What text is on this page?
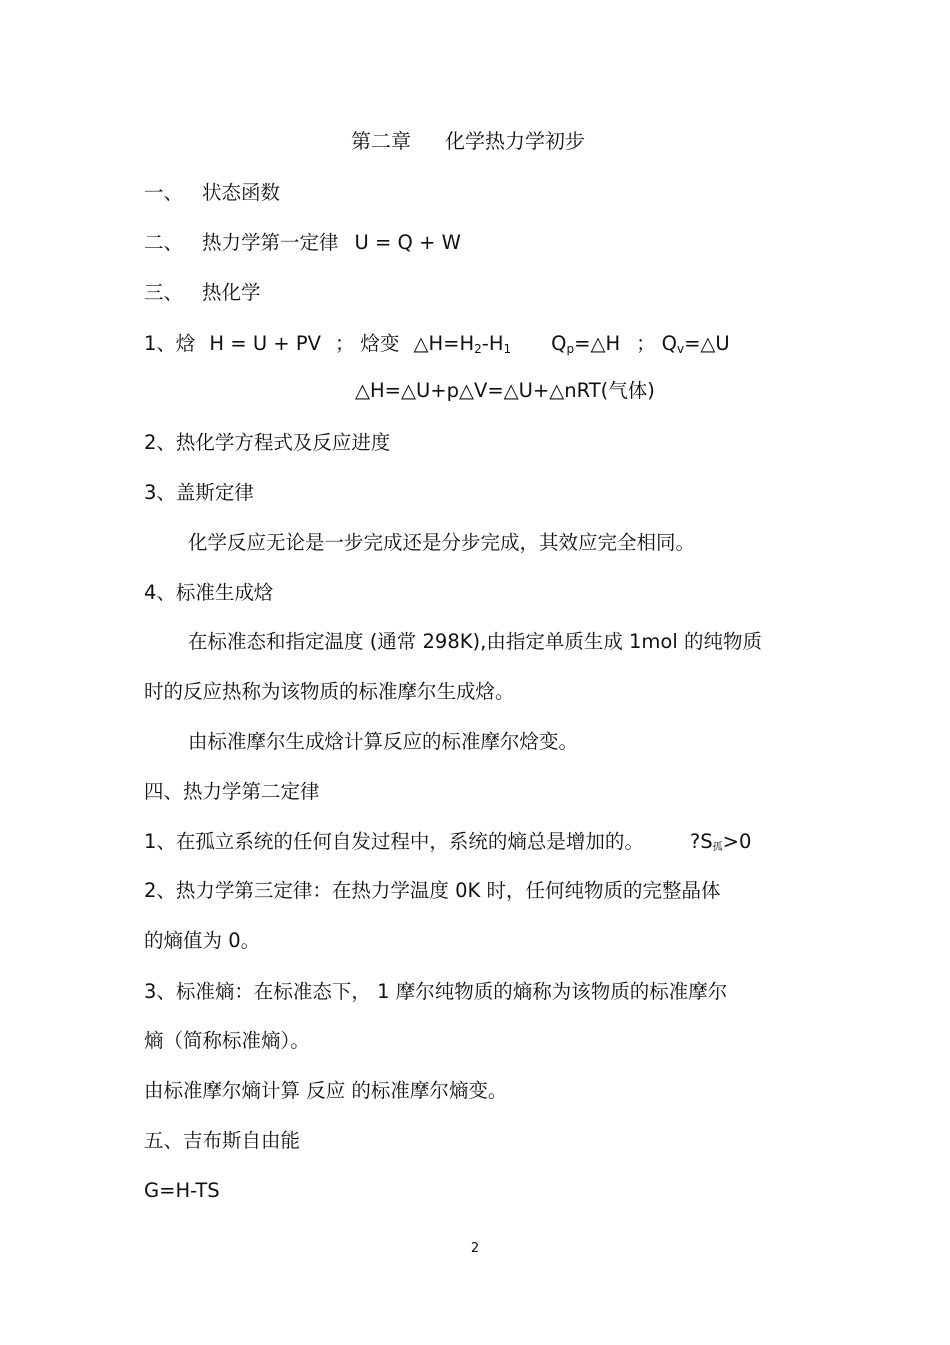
第二章 化学热力学初步
一、 状态函数
二、 热力学第一定律 U = Q + W
三、 热化学
1、焓 H = U + PV ； 焓变 $\triangle H=H_2-H_1$ $Q_p=\triangle H$ ； $Q_v=\triangle U$
△H=△U+p△V=△U+△nRT(气体)
2、热化学方程式及反应进度
3、盖斯定律
化学反应无论是一步完成还是分步完成，其效应完全相同。
4、标准生成焓
在标准态和指定温度 (通常 298K),由指定单质生成 1mol 的纯物质
时的反应热称为该物质的标准摩尔生成焓。
由标准摩尔生成焓计算反应的标准摩尔焓变。
四、热力学第二定律
1、在孤立系统的任何自发过程中，系统的熵总是增加的。 $?S_孤>0$
2、热力学第三定律：在热力学温度 0K 时，任何纯物质的完整晶体
的熵值为 0。
3、标准熵：在标准态下， 1 摩尔纯物质的熵称为该物质的标准摩尔
熵（简称标准熵）。
由标准摩尔熵计算 反应 的标准摩尔熵变。
五、吉布斯自由能
G=H-TS
2
